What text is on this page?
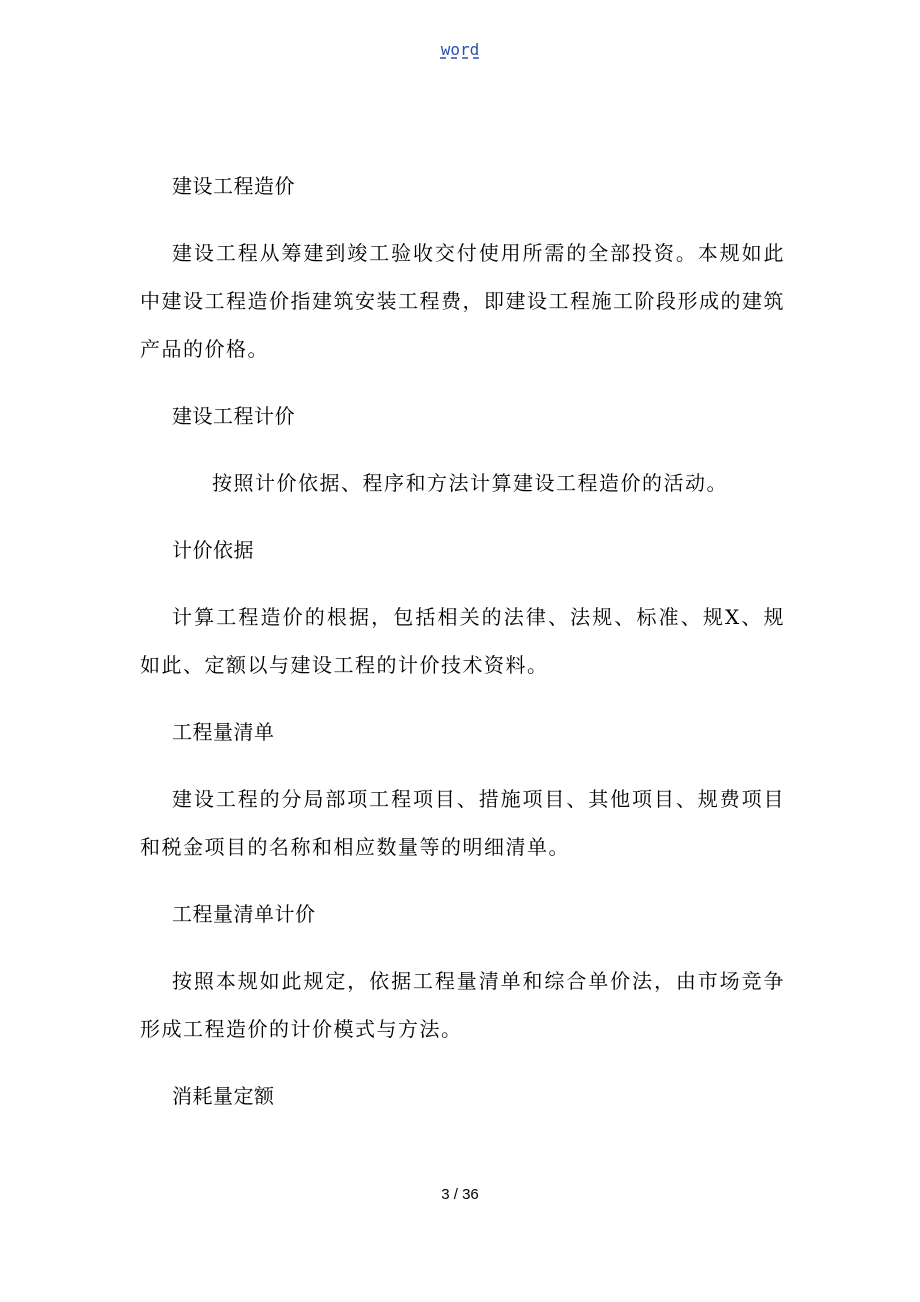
word

建设工程造价

建设工程从筹建到竣工验收交付使用所需的全部投资。本规如此中建设工程造价指建筑安装工程费，即建设工程施工阶段形成的建筑产品的价格。

建设工程计价

按照计价依据、程序和方法计算建设工程造价的活动。

计价依据

计算工程造价的根据，包括相关的法律、法规、标准、规X、规如此、定额以与建设工程的计价技术资料。

工程量清单

建设工程的分局部项工程项目、措施项目、其他项目、规费项目和税金项目的名称和相应数量等的明细清单。

工程量清单计价

按照本规如此规定，依据工程量清单和综合单价法，由市场竞争形成工程造价的计价模式与方法。

消耗量定额

3 / 36
